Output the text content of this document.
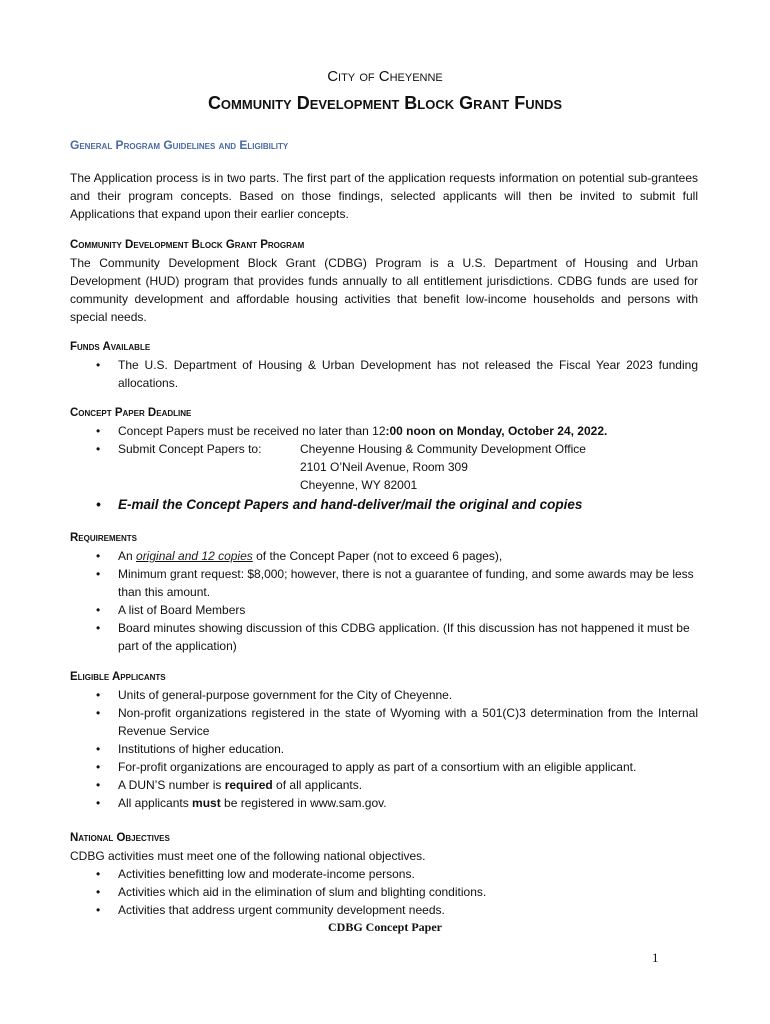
City of Cheyenne
Community Development Block Grant Funds
General Program Guidelines and Eligibility
The Application process is in two parts. The first part of the application requests information on potential sub-grantees and their program concepts. Based on those findings, selected applicants will then be invited to submit full Applications that expand upon their earlier concepts.
Community Development Block Grant Program
The Community Development Block Grant (CDBG) Program is a U.S. Department of Housing and Urban Development (HUD) program that provides funds annually to all entitlement jurisdictions. CDBG funds are used for community development and affordable housing activities that benefit low-income households and persons with special needs.
Funds Available
• The U.S. Department of Housing & Urban Development has not released the Fiscal Year 2023 funding allocations.
Concept Paper Deadline
• Concept Papers must be received no later than 12:00 noon on Monday, October 24, 2022.
• Submit Concept Papers to:	Cheyenne Housing & Community Development Office
2101 O’Neil Avenue, Room 309
Cheyenne, WY 82001
• E-mail the Concept Papers and hand-deliver/mail the original and copies
Requirements
• An original and 12 copies of the Concept Paper (not to exceed 6 pages),
• Minimum grant request: $8,000; however, there is not a guarantee of funding, and some awards may be less than this amount.
• A list of Board Members
• Board minutes showing discussion of this CDBG application. (If this discussion has not happened it must be part of the application)
Eligible Applicants
• Units of general-purpose government for the City of Cheyenne.
• Non-profit organizations registered in the state of Wyoming with a 501(C)3 determination from the Internal Revenue Service
• Institutions of higher education.
• For-profit organizations are encouraged to apply as part of a consortium with an eligible applicant.
• A DUN’S number is required of all applicants.
• All applicants must be registered in www.sam.gov.
National Objectives
CDBG activities must meet one of the following national objectives.
• Activities benefitting low and moderate-income persons.
• Activities which aid in the elimination of slum and blighting conditions.
• Activities that address urgent community development needs.
CDBG Concept Paper
1
